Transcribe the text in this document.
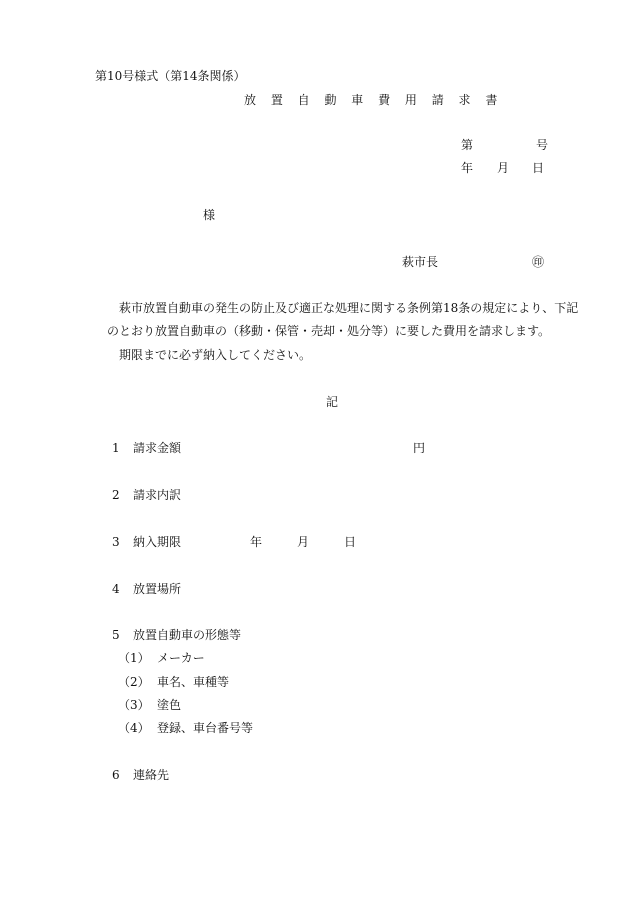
第10号様式（第14条関係）
放 置 自 動 車 費 用 請 求 書
第	号
年 月 日
様
萩市長	㊞
萩市放置自動車の発生の防止及び適正な処理に関する条例第18条の規定により、下記
のとおり放置自動車の（移動・保管・売却・処分等）に要した費用を請求します。
期限までに必ず納入してください。
記
1 請求金額	円
2 請求内訳
3 納入期限	年	月	日
4 放置場所
5 放置自動車の形態等
（1） メーカー
（2） 車名、車種等
（3） 塗色
（4） 登録、車台番号等
6 連絡先
